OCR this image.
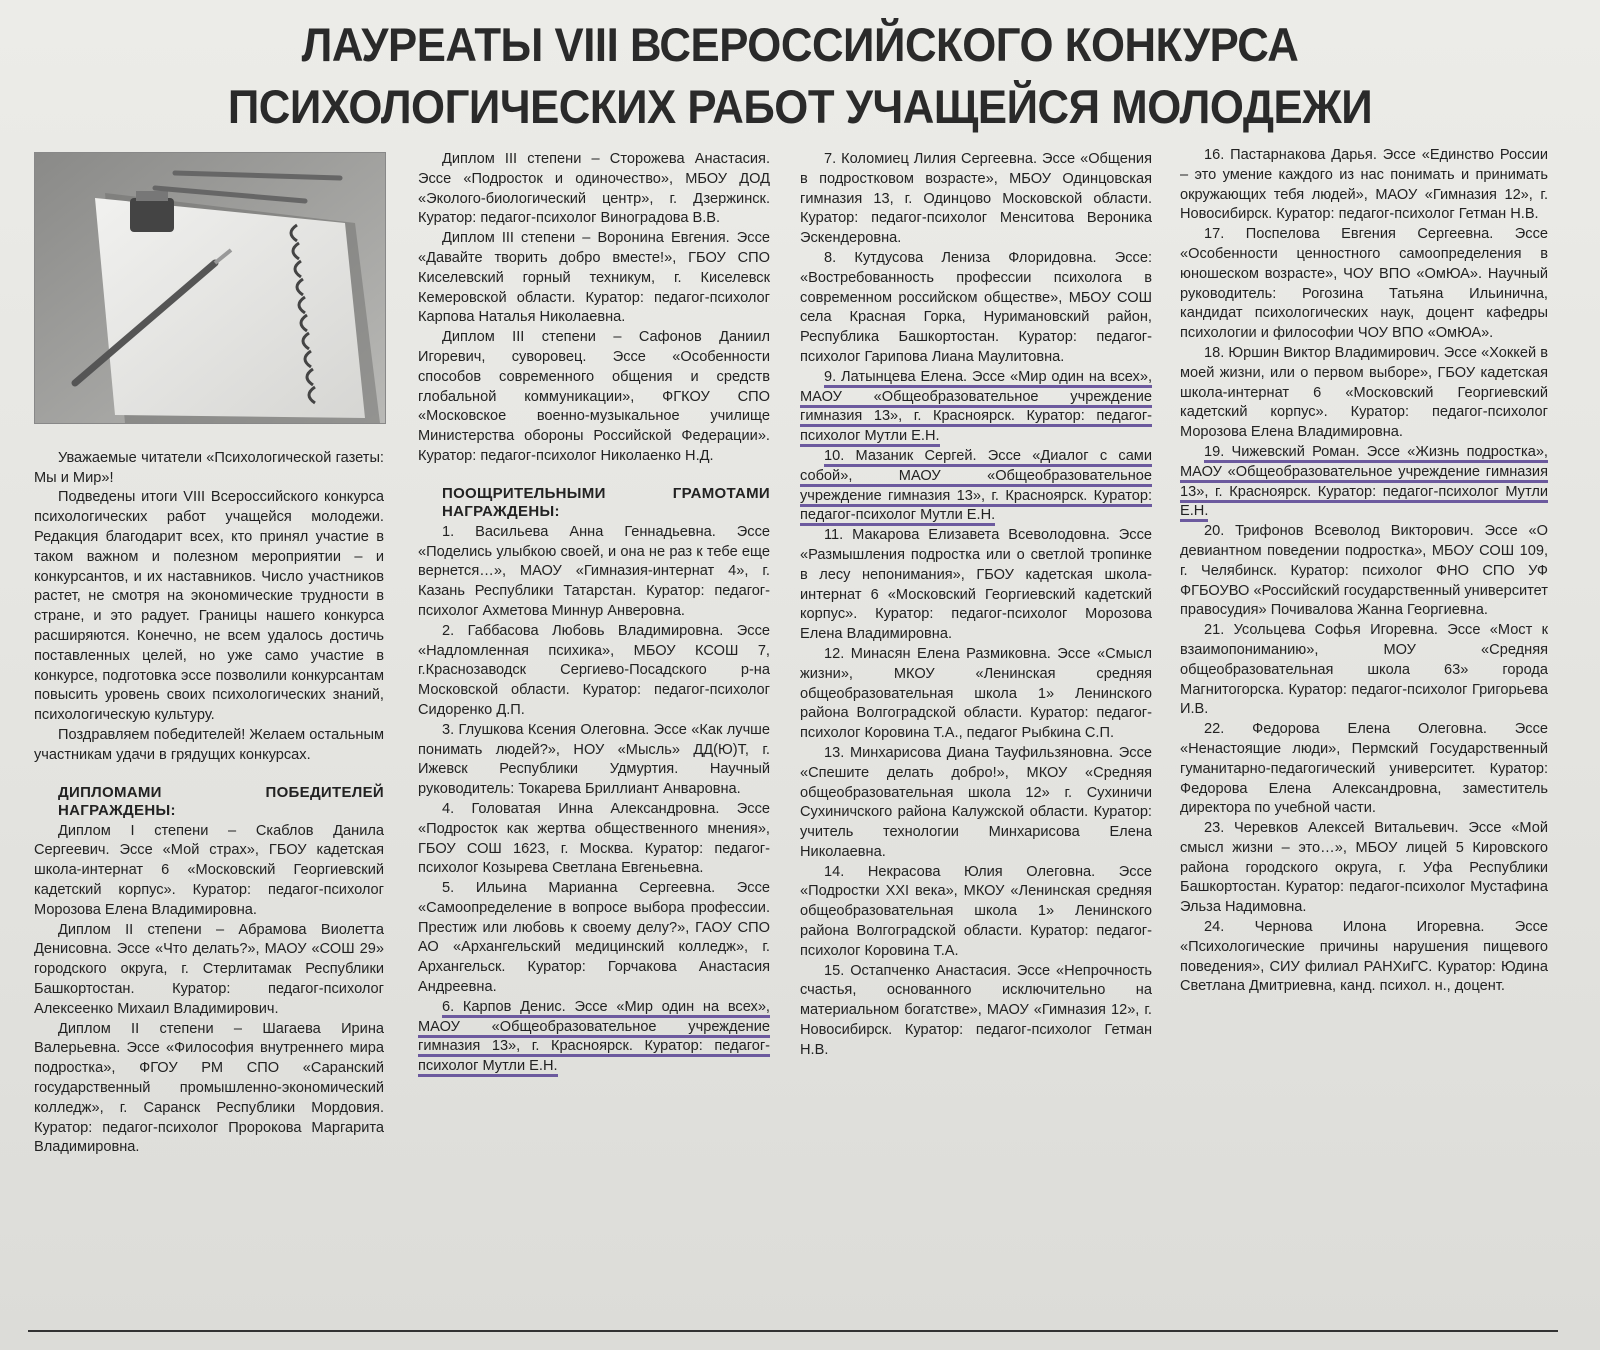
ЛАУРЕАТЫ VIII ВСЕРОССИЙСКОГО КОНКУРСА
ПСИХОЛОГИЧЕСКИХ РАБОТ УЧАЩЕЙСЯ МОЛОДЕЖИ

Уважаемые читатели «Психологической газеты: Мы и Мир»!

Подведены итоги VIII Всероссийского конкурса психологических работ учащейся молодежи. Редакция благодарит всех, кто принял участие в таком важном и полезном мероприятии – и конкурсантов, и их наставников. Число участников растет, не смотря на экономические трудности в стране, и это радует. Границы нашего конкурса расширяются. Конечно, не всем удалось достичь поставленных целей, но уже само участие в конкурсе, подготовка эссе позволили конкурсантам повысить уровень своих психологических знаний, психологическую культуру.

Поздравляем победителей! Желаем остальным участникам удачи в грядущих конкурсах.

ДИПЛОМАМИ ПОБЕДИТЕЛЕЙ НАГРАЖДЕНЫ:

Диплом I степени – Скаблов Данила Сергеевич. Эссе «Мой страх», ГБОУ кадетская школа-интернат 6 «Московский Георгиевский кадетский корпус». Куратор: педагог-психолог Морозова Елена Владимировна.

Диплом II степени – Абрамова Виолетта Денисовна. Эссе «Что делать?», МАОУ «СОШ 29» городского округа, г. Стерлитамак Республики Башкортостан. Куратор: педагог-психолог Алексеенко Михаил Владимирович.

Диплом II степени – Шагаева Ирина Валерьевна. Эссе «Философия внутреннего мира подростка», ФГОУ РМ СПО «Саранский государственный промышленно-экономический колледж», г. Саранск Республики Мордовия. Куратор: педагог-психолог Пророкова Маргарита Владимировна.

Диплом III степени – Сторожева Анастасия. Эссе «Подросток и одиночество», МБОУ ДОД «Эколого-биологический центр», г. Дзержинск. Куратор: педагог-психолог Виноградова В.В.

Диплом III степени – Воронина Евгения. Эссе «Давайте творить добро вместе!», ГБОУ СПО Киселевский горный техникум, г. Киселевск Кемеровской области. Куратор: педагог-психолог Карпова Наталья Николаевна.

Диплом III степени – Сафонов Даниил Игоревич, суворовец. Эссе «Особенности способов современного общения и средств глобальной коммуникации», ФГКОУ СПО «Московское военно-музыкальное училище Министерства обороны Российской Федерации». Куратор: педагог-психолог Николаенко Н.Д.

ПООЩРИТЕЛЬНЫМИ ГРАМОТАМИ НАГРАЖДЕНЫ:

1. Васильева Анна Геннадьевна. Эссе «Поделись улыбкою своей, и она не раз к тебе еще вернется…», МАОУ «Гимназия-интернат 4», г. Казань Республики Татарстан. Куратор: педагог-психолог Ахметова Миннур Анверовна.

2. Габбасова Любовь Владимировна. Эссе «Надломленная психика», МБОУ КСОШ 7, г.Краснозаводск Сергиево-Посадского р-на Московской области. Куратор: педагог-психолог Сидоренко Д.П.

3. Глушкова Ксения Олеговна. Эссе «Как лучше понимать людей?», НОУ «Мысль» ДД(Ю)Т, г. Ижевск Республики Удмуртия. Научный руководитель: Токарева Бриллиант Анваровна.

4. Головатая Инна Александровна. Эссе «Подросток как жертва общественного мнения», ГБОУ СОШ 1623, г. Москва. Куратор: педагог-психолог Козырева Светлана Евгеньевна.

5. Ильина Марианна Сергеевна. Эссе «Самоопределение в вопросе выбора профессии. Престиж или любовь к своему делу?», ГАОУ СПО АО «Архангельский медицинский колледж», г. Архангельск. Куратор: Горчакова Анастасия Андреевна.

6. Карпов Денис. Эссе «Мир один на всех», МАОУ «Общеобразовательное учреждение гимназия 13», г. Красноярск. Куратор: педагог-психолог Мутли Е.Н.

7. Коломиец Лилия Сергеевна. Эссе «Общения в подростковом возрасте», МБОУ Одинцовская гимназия 13, г. Одинцово Московской области. Куратор: педагог-психолог Менситова Вероника Эскендеровна.

8. Кутдусова Лениза Флоридовна. Эссе: «Востребованность профессии психолога в современном российском обществе», МБОУ СОШ села Красная Горка, Нуримановский район, Республика Башкортостан. Куратор: педагог-психолог Гарипова Лиана Маулитовна.

9. Латынцева Елена. Эссе «Мир один на всех», МАОУ «Общеобразовательное учреждение гимназия 13», г. Красноярск. Куратор: педагог-психолог Мутли Е.Н.

10. Мазаник Сергей. Эссе «Диалог с сами собой», МАОУ «Общеобразовательное учреждение гимназия 13», г. Красноярск. Куратор: педагог-психолог Мутли Е.Н.

11. Макарова Елизавета Всеволодовна. Эссе «Размышления подростка или о светлой тропинке в лесу непонимания», ГБОУ кадетская школа-интернат 6 «Московский Георгиевский кадетский корпус». Куратор: педагог-психолог Морозова Елена Владимировна.

12. Минасян Елена Размиковна. Эссе «Смысл жизни», МКОУ «Ленинская средняя общеобразовательная школа 1» Ленинского района Волгоградской области. Куратор: педагог-психолог Коровина Т.А., педагог Рыбкина С.П.

13. Минхарисова Диана Тауфильзяновна. Эссе «Спешите делать добро!», МКОУ «Средняя общеобразовательная школа 12» г. Сухиничи Сухиничского района Калужской области. Куратор: учитель технологии Минхарисова Елена Николаевна.

14. Некрасова Юлия Олеговна. Эссе «Подростки XXI века», МКОУ «Ленинская средняя общеобразовательная школа 1» Ленинского района Волгоградской области. Куратор: педагог-психолог Коровина Т.А.

15. Остапченко Анастасия. Эссе «Непрочность счастья, основанного исключительно на материальном богатстве», МАОУ «Гимназия 12», г. Новосибирск. Куратор: педагог-психолог Гетман Н.В.

16. Пастарнакова Дарья. Эссе «Единство России – это умение каждого из нас понимать и принимать окружающих тебя людей», МАОУ «Гимназия 12», г. Новосибирск. Куратор: педагог-психолог Гетман Н.В.

17. Поспелова Евгения Сергеевна. Эссе «Особенности ценностного самоопределения в юношеском возрасте», ЧОУ ВПО «ОмЮА». Научный руководитель: Рогозина Татьяна Ильинична, кандидат психологических наук, доцент кафедры психологии и философии ЧОУ ВПО «ОмЮА».

18. Юршин Виктор Владимирович. Эссе «Хоккей в моей жизни, или о первом выборе», ГБОУ кадетская школа-интернат 6 «Московский Георгиевский кадетский корпус». Куратор: педагог-психолог Морозова Елена Владимировна.

19. Чижевский Роман. Эссе «Жизнь подростка», МАОУ «Общеобразовательное учреждение гимназия 13», г. Красноярск. Куратор: педагог-психолог Мутли Е.Н.

20. Трифонов Всеволод Викторович. Эссе «О девиантном поведении подростка», МБОУ СОШ 109, г. Челябинск. Куратор: психолог ФНО СПО УФ ФГБОУВО «Российский государственный университет правосудия» Почивалова Жанна Георгиевна.

21. Усольцева Софья Игоревна. Эссе «Мост к взаимопониманию», МОУ «Средняя общеобразовательная школа 63» города Магнитогорска. Куратор: педагог-психолог Григорьева И.В.

22. Федорова Елена Олеговна. Эссе «Ненастоящие люди», Пермский Государственный гуманитарно-педагогический университет. Куратор: Федорова Елена Александровна, заместитель директора по учебной части.

23. Черевков Алексей Витальевич. Эссе «Мой смысл жизни – это…», МБОУ лицей 5 Кировского района городского округа, г. Уфа Республики Башкортостан. Куратор: педагог-психолог Мустафина Эльза Надимовна.

24. Чернова Илона Игоревна. Эссе «Психологические причины нарушения пищевого поведения», СИУ филиал РАНХиГС. Куратор: Юдина Светлана Дмитриевна, канд. психол. н., доцент.
